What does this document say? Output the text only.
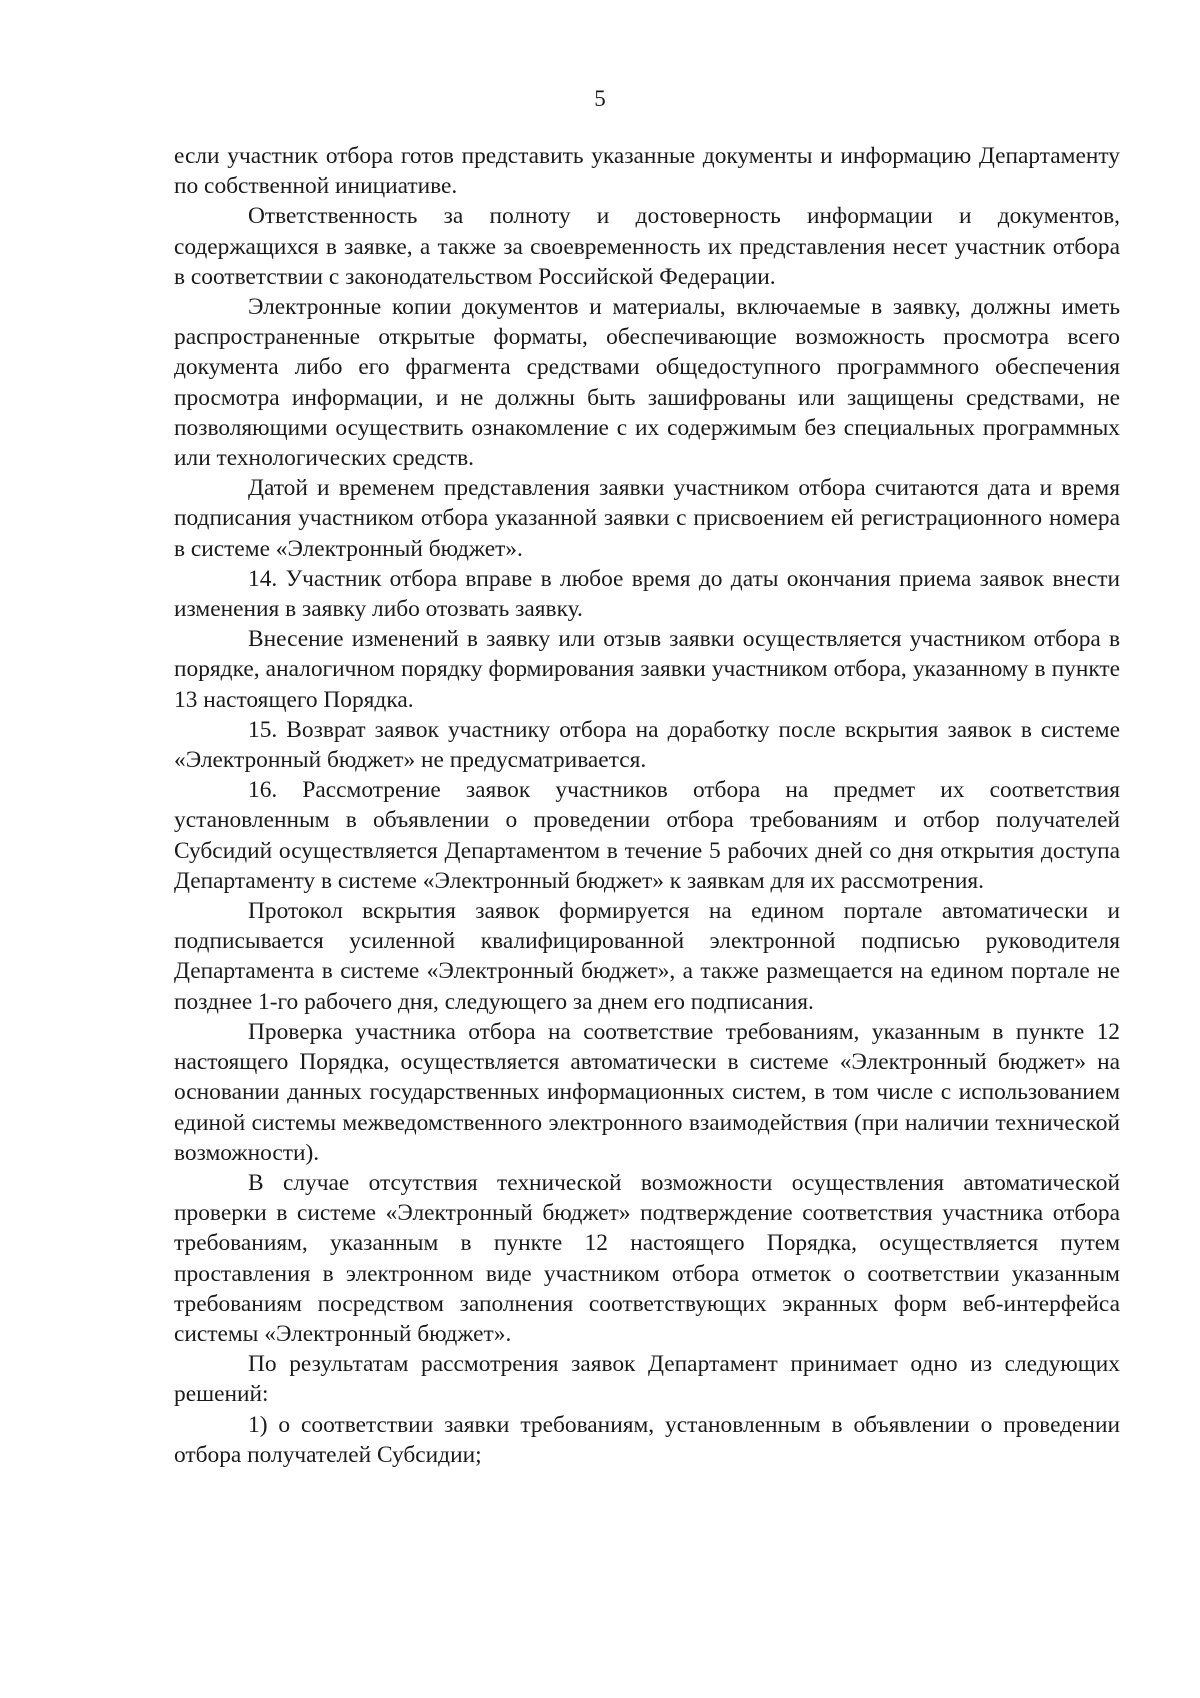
5

если участник отбора готов представить указанные документы и информацию Департаменту по собственной инициативе.

Ответственность за полноту и достоверность информации и документов, содержащихся в заявке, а также за своевременность их представления несет участник отбора в соответствии с законодательством Российской Федерации.

Электронные копии документов и материалы, включаемые в заявку, должны иметь распространенные открытые форматы, обеспечивающие возможность просмотра всего документа либо его фрагмента средствами общедоступного программного обеспечения просмотра информации, и не должны быть зашифрованы или защищены средствами, не позволяющими осуществить ознакомление с их содержимым без специальных программных или технологических средств.

Датой и временем представления заявки участником отбора считаются дата и время подписания участником отбора указанной заявки с присвоением ей регистрационного номера в системе «Электронный бюджет».

14. Участник отбора вправе в любое время до даты окончания приема заявок внести изменения в заявку либо отозвать заявку.

Внесение изменений в заявку или отзыв заявки осуществляется участником отбора в порядке, аналогичном порядку формирования заявки участником отбора, указанному в пункте 13 настоящего Порядка.

15. Возврат заявок участнику отбора на доработку после вскрытия заявок в системе «Электронный бюджет» не предусматривается.

16. Рассмотрение заявок участников отбора на предмет их соответствия установленным в объявлении о проведении отбора требованиям и отбор получателей Субсидий осуществляется Департаментом в течение 5 рабочих дней со дня открытия доступа Департаменту в системе «Электронный бюджет» к заявкам для их рассмотрения.

Протокол вскрытия заявок формируется на едином портале автоматически и подписывается усиленной квалифицированной электронной подписью руководителя Департамента в системе «Электронный бюджет», а также размещается на едином портале не позднее 1-го рабочего дня, следующего за днем его подписания.

Проверка участника отбора на соответствие требованиям, указанным в пункте 12 настоящего Порядка, осуществляется автоматически в системе «Электронный бюджет» на основании данных государственных информационных систем, в том числе с использованием единой системы межведомственного электронного взаимодействия (при наличии технической возможности).

В случае отсутствия технической возможности осуществления автоматической проверки в системе «Электронный бюджет» подтверждение соответствия участника отбора требованиям, указанным в пункте 12 настоящего Порядка, осуществляется путем проставления в электронном виде участником отбора отметок о соответствии указанным требованиям посредством заполнения соответствующих экранных форм веб-интерфейса системы «Электронный бюджет».

По результатам рассмотрения заявок Департамент принимает одно из следующих решений:

1) о соответствии заявки требованиям, установленным в объявлении о проведении отбора получателей Субсидии;
